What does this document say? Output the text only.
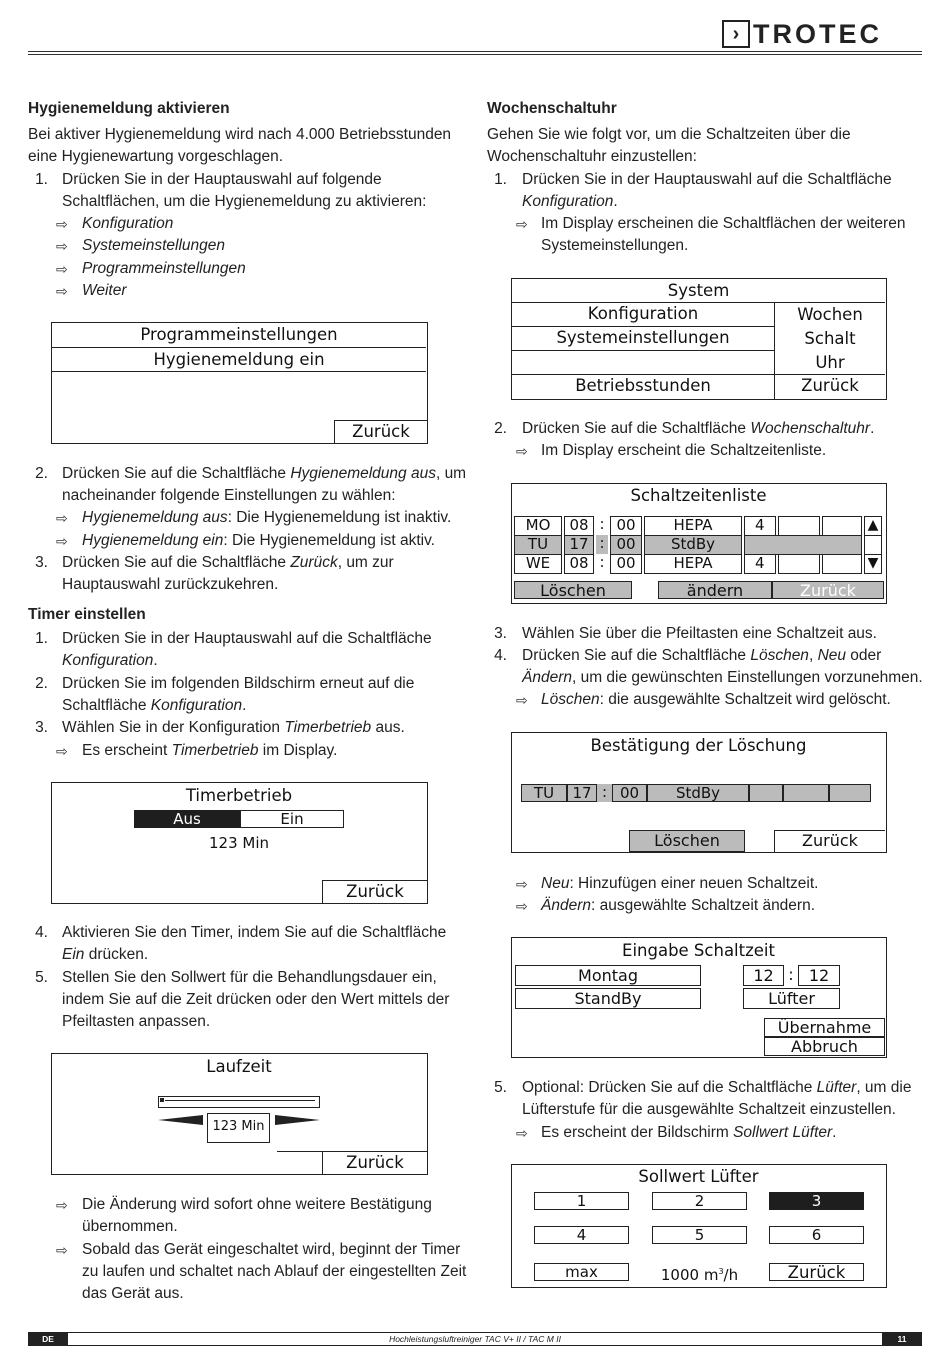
› TROTEC
Hygienemeldung aktivieren
Bei aktiver Hygienemeldung wird nach 4.000 Betriebsstunden
eine Hygienewartung vorgeschlagen.
1. Drücken Sie in der Hauptauswahl auf folgende
Schaltflächen, um die Hygienemeldung zu aktivieren:
⇨ Konfiguration
⇨ Systemeinstellungen
⇨ Programmeinstellungen
⇨ Weiter
Programmeinstellungen
Hygienemeldung ein
Zurück
2. Drücken Sie auf die Schaltfläche Hygienemeldung aus, um
nacheinander folgende Einstellungen zu wählen:
⇨ Hygienemeldung aus: Die Hygienemeldung ist inaktiv.
⇨ Hygienemeldung ein: Die Hygienemeldung ist aktiv.
3. Drücken Sie auf die Schaltfläche Zurück, um zur
Hauptauswahl zurückzukehren.
Timer einstellen
1. Drücken Sie in der Hauptauswahl auf die Schaltfläche
Konfiguration.
2. Drücken Sie im folgenden Bildschirm erneut auf die
Schaltfläche Konfiguration.
3. Wählen Sie in der Konfiguration Timerbetrieb aus.
⇨ Es erscheint Timerbetrieb im Display.
Timerbetrieb
Aus	Ein
123 Min
Zurück
4. Aktivieren Sie den Timer, indem Sie auf die Schaltfläche
Ein drücken.
5. Stellen Sie den Sollwert für die Behandlungsdauer ein,
indem Sie auf die Zeit drücken oder den Wert mittels der
Pfeiltasten anpassen.
Laufzeit
123 Min
Zurück
⇨ Die Änderung wird sofort ohne weitere Bestätigung
übernommen.
⇨ Sobald das Gerät eingeschaltet wird, beginnt der Timer
zu laufen und schaltet nach Ablauf der eingestellten Zeit
das Gerät aus.
Wochenschaltuhr
Gehen Sie wie folgt vor, um die Schaltzeiten über die
Wochenschaltuhr einzustellen:
1. Drücken Sie in der Hauptauswahl auf die Schaltfläche
Konfiguration.
⇨ Im Display erscheinen die Schaltflächen der weiteren
Systemeinstellungen.
System
Konfiguration
Systemeinstellungen
Betriebsstunden
Wochen
Schalt
Uhr
Zurück
2. Drücken Sie auf die Schaltfläche Wochenschaltuhr.
⇨ Im Display erscheint die Schaltzeitenliste.
Schaltzeitenliste
MO	08 : 00	HEPA	4
TU	17 : 00	StdBy
WE	08 : 00	HEPA	4
▲
▼
Löschen	ändern	Zurück
3. Wählen Sie über die Pfeiltasten eine Schaltzeit aus.
4. Drücken Sie auf die Schaltfläche Löschen, Neu oder
Ändern, um die gewünschten Einstellungen vorzunehmen.
⇨ Löschen: die ausgewählte Schaltzeit wird gelöscht.
Bestätigung der Löschung
TU	17 : 00	StdBy
Löschen	Zurück
⇨ Neu: Hinzufügen einer neuen Schaltzeit.
⇨ Ändern: ausgewählte Schaltzeit ändern.
Eingabe Schaltzeit
Montag
StandBy
12 : 12
Lüfter
Übernahme
Abbruch
5. Optional: Drücken Sie auf die Schaltfläche Lüfter, um die
Lüfterstufe für die ausgewählte Schaltzeit einzustellen.
⇨ Es erscheint der Bildschirm Sollwert Lüfter.
Sollwert Lüfter
1	2	3
4	5	6
max	1000 $m^3/h$	Zurück
DE	Hochleistungsluftreiniger TAC V+ II / TAC M II	11
